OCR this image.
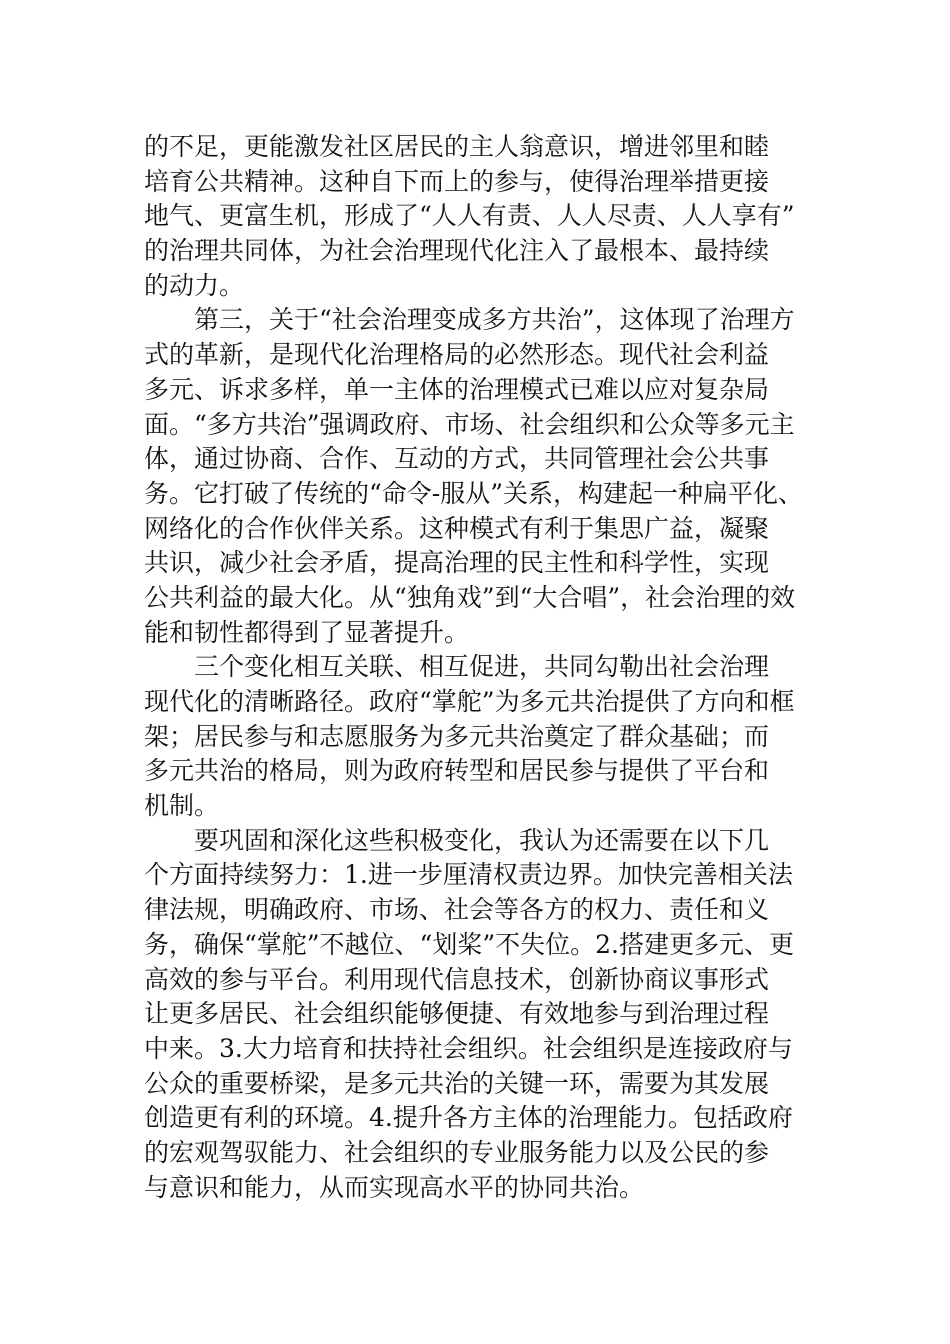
的不足，更能激发社区居民的主人翁意识，增进邻里和睦
培育公共精神。这种自下而上的参与，使得治理举措更接
地气、更富生机，形成了“人人有责、人人尽责、人人享有”
的治理共同体，为社会治理现代化注入了最根本、最持续
的动力。
第三，关于“社会治理变成多方共治”，这体现了治理方
式的革新，是现代化治理格局的必然形态。现代社会利益
多元、诉求多样，单一主体的治理模式已难以应对复杂局
面。“多方共治”强调政府、市场、社会组织和公众等多元主
体，通过协商、合作、互动的方式，共同管理社会公共事
务。它打破了传统的“命令-服从”关系，构建起一种扁平化、
网络化的合作伙伴关系。这种模式有利于集思广益，凝聚
共识，减少社会矛盾，提高治理的民主性和科学性，实现
公共利益的最大化。从“独角戏”到“大合唱”，社会治理的效
能和韧性都得到了显著提升。
三个变化相互关联、相互促进，共同勾勒出社会治理
现代化的清晰路径。政府“掌舵”为多元共治提供了方向和框
架；居民参与和志愿服务为多元共治奠定了群众基础；而
多元共治的格局，则为政府转型和居民参与提供了平台和
机制。
要巩固和深化这些积极变化，我认为还需要在以下几
个方面持续努力：1.进一步厘清权责边界。加快完善相关法
律法规，明确政府、市场、社会等各方的权力、责任和义
务，确保“掌舵”不越位、“划桨”不失位。2.搭建更多元、更
高效的参与平台。利用现代信息技术，创新协商议事形式
让更多居民、社会组织能够便捷、有效地参与到治理过程
中来。3.大力培育和扶持社会组织。社会组织是连接政府与
公众的重要桥梁，是多元共治的关键一环，需要为其发展
创造更有利的环境。4.提升各方主体的治理能力。包括政府
的宏观驾驭能力、社会组织的专业服务能力以及公民的参
与意识和能力，从而实现高水平的协同共治。
